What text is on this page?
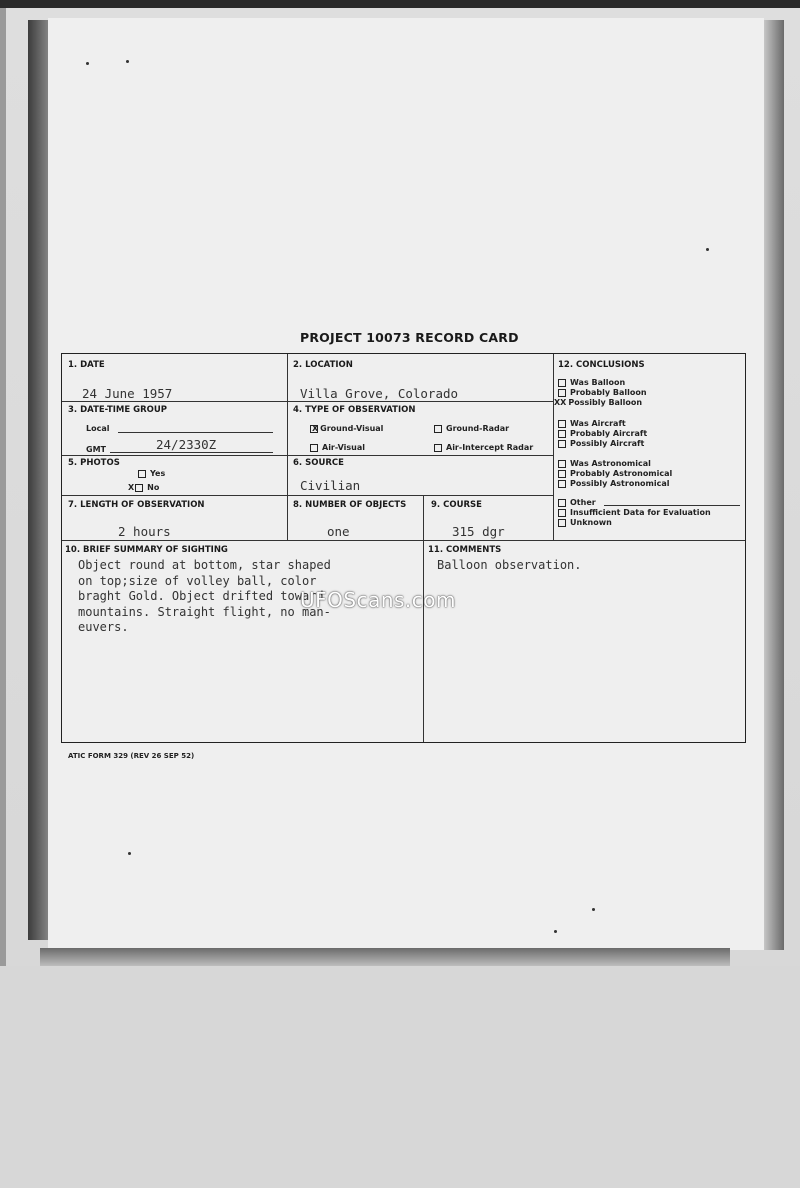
PROJECT 10073 RECORD CARD
1. DATE
24 June 1957
2. LOCATION
Villa Grove, Colorado
3. DATE-TIME GROUP
Local
GMT	24/2330Z
4. TYPE OF OBSERVATION
X Ground-Visual	Ground-Radar
Air-Visual	Air-Intercept Radar
5. PHOTOS
Yes
X No
6. SOURCE
Civilian
7. LENGTH OF OBSERVATION
2 hours
8. NUMBER OF OBJECTS
one
9. COURSE
315 dgr
12. CONCLUSIONS
Was Balloon
Probably Balloon
XX Possibly Balloon
Was Aircraft
Probably Aircraft
Possibly Aircraft
Was Astronomical
Probably Astronomical
Possibly Astronomical
Other
Insufficient Data for Evaluation
Unknown
10. BRIEF SUMMARY OF SIGHTING
Object round at bottom, star shaped
on top;size of volley ball, color
braght Gold. Object drifted toward
mountains. Straight flight, no man-
euvers.
11. COMMENTS
Balloon observation.
UFOScans.com
ATIC FORM 329 (REV 26 SEP 52)
